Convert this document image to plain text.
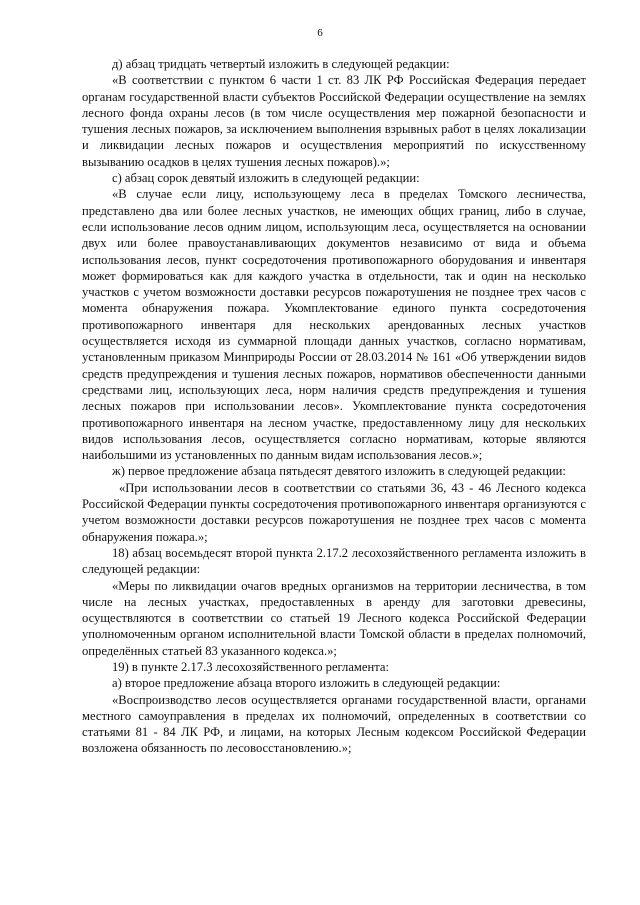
6

д) абзац тридцать четвертый изложить в следующей редакции:

«В соответствии с пунктом 6 части 1 ст. 83 ЛК РФ Российская Федерация передает органам государственной власти субъектов Российской Федерации осуществление на землях лесного фонда охраны лесов (в том числе осуществления мер пожарной безопасности и тушения лесных пожаров, за исключением выполнения взрывных работ в целях локализации и ликвидации лесных пожаров и осуществления мероприятий по искусственному вызыванию осадков в целях тушения лесных пожаров).»;

с) абзац сорок девятый изложить в следующей редакции:

«В случае если лицу, использующему леса в пределах Томского лесничества, представлено два или более лесных участков, не имеющих общих границ, либо в случае, если использование лесов одним лицом, использующим леса, осуществляется на основании двух или более правоустанавливающих документов независимо от вида и объема использования лесов, пункт сосредоточения противопожарного оборудования и инвентаря может формироваться как для каждого участка в отдельности, так и один на несколько участков с учетом возможности доставки ресурсов пожаротушения не позднее трех часов с момента обнаружения пожара. Укомплектование единого пункта сосредоточения противопожарного инвентаря для нескольких арендованных лесных участков осуществляется исходя из суммарной площади данных участков, согласно нормативам, установленным приказом Минприроды России от 28.03.2014 № 161 «Об утверждении видов средств предупреждения и тушения лесных пожаров, нормативов обеспеченности данными средствами лиц, использующих леса, норм наличия средств предупреждения и тушения лесных пожаров при использовании лесов». Укомплектование пункта сосредоточения противопожарного инвентаря на лесном участке, предоставленному лицу для нескольких видов использования лесов, осуществляется согласно нормативам, которые являются наибольшими из установленных по данным видам использования лесов.»;

ж) первое предложение абзаца пятьдесят девятого изложить в следующей редакции:

«При использовании лесов в соответствии со статьями 36, 43 - 46 Лесного кодекса Российской Федерации пункты сосредоточения противопожарного инвентаря организуются с учетом возможности доставки ресурсов пожаротушения не позднее трех часов с момента обнаружения пожара.»;

18) абзац восемьдесят второй пункта 2.17.2 лесохозяйственного регламента изложить в следующей редакции:

«Меры по ликвидации очагов вредных организмов на территории лесничества, в том числе на лесных участках, предоставленных в аренду для заготовки древесины, осуществляются в соответствии со статьей 19 Лесного кодекса Российской Федерации уполномоченным органом исполнительной власти Томской области в пределах полномочий, определённых статьей 83 указанного кодекса.»;

19) в пункте 2.17.3 лесохозяйственного регламента:

а) второе предложение абзаца второго изложить в следующей редакции:

«Воспроизводство лесов осуществляется органами государственной власти, органами местного самоуправления в пределах их полномочий, определенных в соответствии со статьями 81 - 84 ЛК РФ, и лицами, на которых Лесным кодексом Российской Федерации возложена обязанность по лесовосстановлению.»;
